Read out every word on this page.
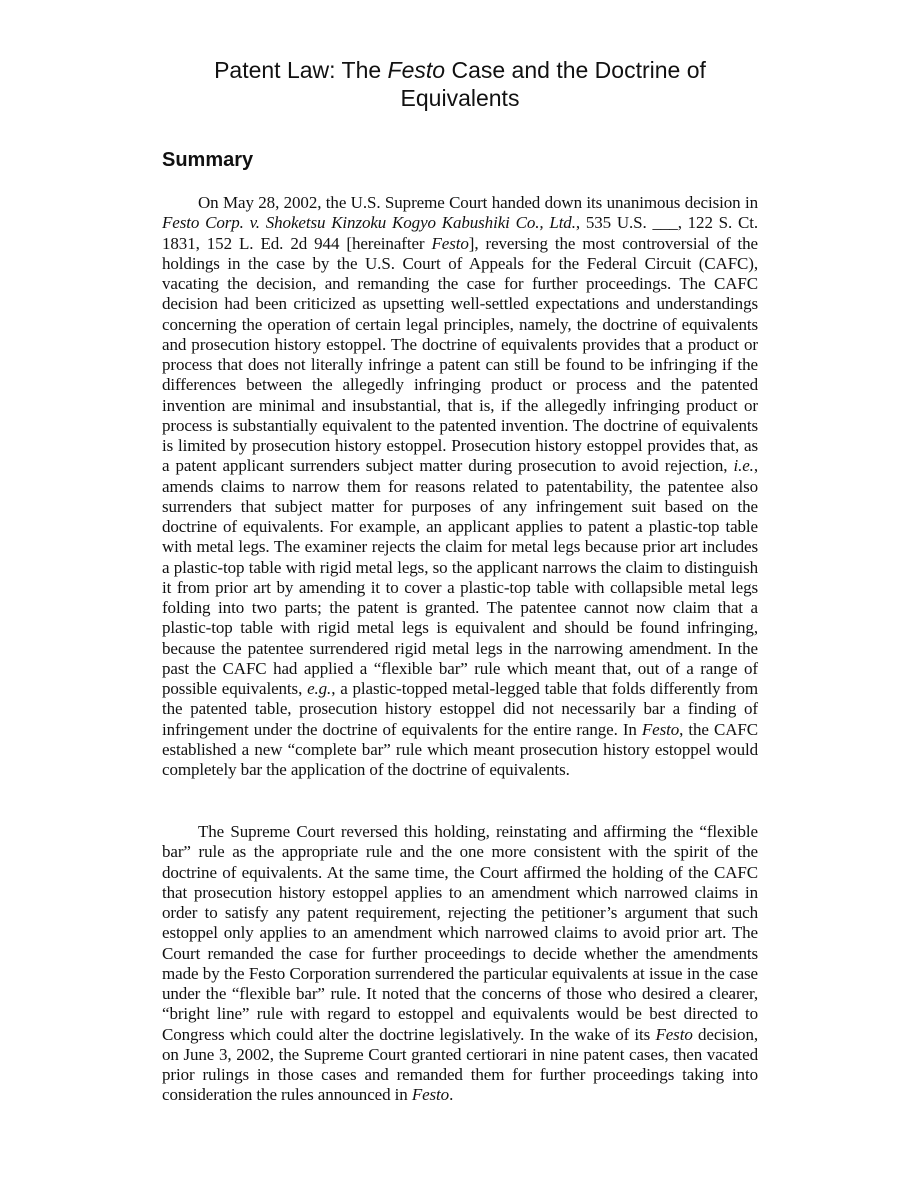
Patent Law: The Festo Case and the Doctrine of Equivalents
Summary

On May 28, 2002, the U.S. Supreme Court handed down its unanimous decision in Festo Corp. v. Shoketsu Kinzoku Kogyo Kabushiki Co., Ltd., 535 U.S. ___, 122 S. Ct. 1831, 152 L. Ed. 2d 944 [hereinafter Festo], reversing the most controversial of the holdings in the case by the U.S. Court of Appeals for the Federal Circuit (CAFC), vacating the decision, and remanding the case for further proceedings. The CAFC decision had been criticized as upsetting well-settled expectations and understandings concerning the operation of certain legal principles, namely, the doctrine of equivalents and prosecution history estoppel. The doctrine of equivalents provides that a product or process that does not literally infringe a patent can still be found to be infringing if the differences between the allegedly infringing product or process and the patented invention are minimal and insubstantial, that is, if the allegedly infringing product or process is substantially equivalent to the patented invention. The doctrine of equivalents is limited by prosecution history estoppel. Prosecution history estoppel provides that, as a patent applicant surrenders subject matter during prosecution to avoid rejection, i.e., amends claims to narrow them for reasons related to patentability, the patentee also surrenders that subject matter for purposes of any infringement suit based on the doctrine of equivalents. For example, an applicant applies to patent a plastic-top table with metal legs. The examiner rejects the claim for metal legs because prior art includes a plastic-top table with rigid metal legs, so the applicant narrows the claim to distinguish it from prior art by amending it to cover a plastic-top table with collapsible metal legs folding into two parts; the patent is granted. The patentee cannot now claim that a plastic-top table with rigid metal legs is equivalent and should be found infringing, because the patentee surrendered rigid metal legs in the narrowing amendment. In the past the CAFC had applied a “flexible bar” rule which meant that, out of a range of possible equivalents, e.g., a plastic-topped metal-legged table that folds differently from the patented table, prosecution history estoppel did not necessarily bar a finding of infringement under the doctrine of equivalents for the entire range. In Festo, the CAFC established a new “complete bar” rule which meant prosecution history estoppel would completely bar the application of the doctrine of equivalents.

The Supreme Court reversed this holding, reinstating and affirming the “flexible bar” rule as the appropriate rule and the one more consistent with the spirit of the doctrine of equivalents. At the same time, the Court affirmed the holding of the CAFC that prosecution history estoppel applies to an amendment which narrowed claims in order to satisfy any patent requirement, rejecting the petitioner’s argument that such estoppel only applies to an amendment which narrowed claims to avoid prior art. The Court remanded the case for further proceedings to decide whether the amendments made by the Festo Corporation surrendered the particular equivalents at issue in the case under the “flexible bar” rule. It noted that the concerns of those who desired a clearer, “bright line” rule with regard to estoppel and equivalents would be best directed to Congress which could alter the doctrine legislatively. In the wake of its Festo decision, on June 3, 2002, the Supreme Court granted certiorari in nine patent cases, then vacated prior rulings in those cases and remanded them for further proceedings taking into consideration the rules announced in Festo.
